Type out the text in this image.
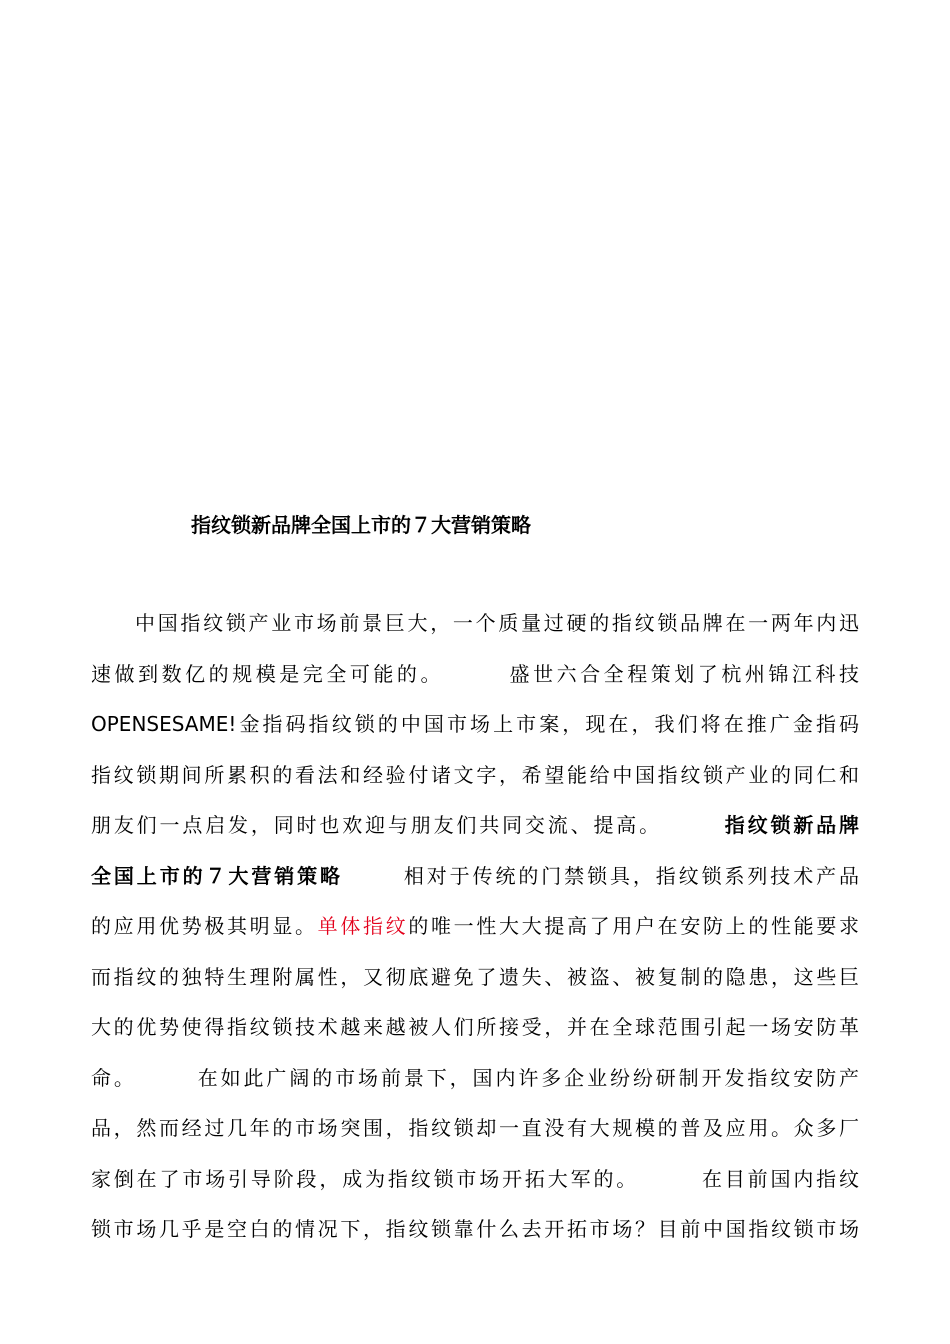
指纹锁新品牌全国上市的７大营销策略
中国指纹锁产业市场前景巨大，一个质量过硬的指纹锁品牌在一两年内迅
速做到数亿的规模是完全可能的。	盛世六合全程策划了杭州锦江科技
OPENSESAME!金指码指纹锁的中国市场上市案，现在，我们将在推广金指码
指纹锁期间所累积的看法和经验付诸文字，希望能给中国指纹锁产业的同仁和
朋友们一点启发，同时也欢迎与朋友们共同交流、提高。	指纹锁新品牌
全国上市的７大营销策略	相对于传统的门禁锁具，指纹锁系列技术产品
的应用优势极其明显。单体指纹的唯一性大大提高了用户在安防上的性能要求
而指纹的独特生理附属性，又彻底避免了遗失、被盗、被复制的隐患，这些巨
大的优势使得指纹锁技术越来越被人们所接受，并在全球范围引起一场安防革
命。	在如此广阔的市场前景下，国内许多企业纷纷研制开发指纹安防产
品，然而经过几年的市场突围，指纹锁却一直没有大规模的普及应用。众多厂
家倒在了市场引导阶段，成为指纹锁市场开拓大军的。	在目前国内指纹
锁市场几乎是空白的情况下，指纹锁靠什么去开拓市场？目前中国指纹锁市场
